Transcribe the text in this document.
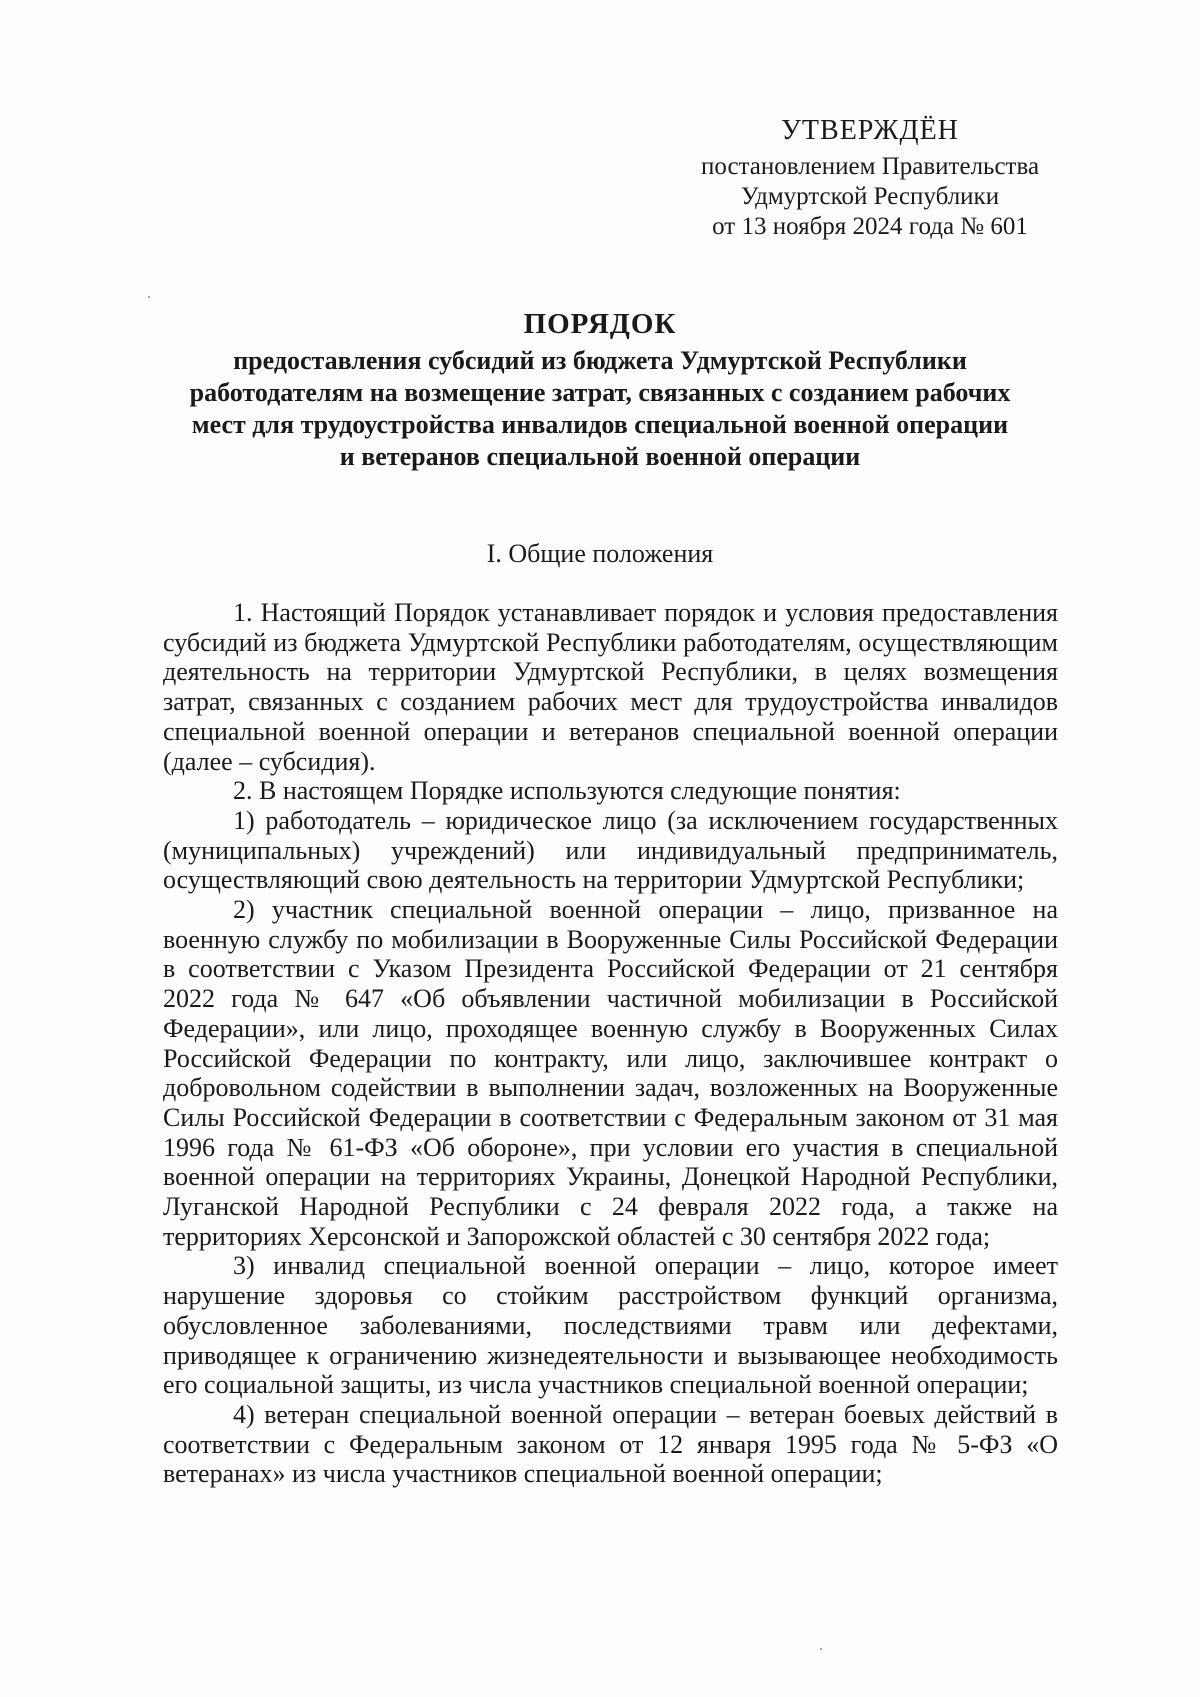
УТВЕРЖДЁН
постановлением Правительства
Удмуртской Республики
от 13 ноября 2024 года № 601
ПОРЯДОК
предоставления субсидий из бюджета Удмуртской Республики
работодателям на возмещение затрат, связанных с созданием рабочих
мест для трудоустройства инвалидов специальной военной операции
и ветеранов специальной военной операции
I. Общие положения

1. Настоящий Порядок устанавливает порядок и условия предоставления субсидий из бюджета Удмуртской Республики работодателям, осуществляющим деятельность на территории Удмуртской Республики, в целях возмещения затрат, связанных с созданием рабочих мест для трудоустройства инвалидов специальной военной операции и ветеранов специальной военной операции (далее – субсидия).

2. В настоящем Порядке используются следующие понятия:

1) работодатель – юридическое лицо (за исключением государственных (муниципальных) учреждений) или индивидуальный предприниматель, осуществляющий свою деятельность на территории Удмуртской Республики;

2) участник специальной военной операции – лицо, призванное на военную службу по мобилизации в Вооруженные Силы Российской Федерации в соответствии с Указом Президента Российской Федерации от 21 сентября 2022 года № 647 «Об объявлении частичной мобилизации в Российской Федерации», или лицо, проходящее военную службу в Вооруженных Силах Российской Федерации по контракту, или лицо, заключившее контракт о добровольном содействии в выполнении задач, возложенных на Вооруженные Силы Российской Федерации в соответствии с Федеральным законом от 31 мая 1996 года № 61-ФЗ «Об обороне», при условии его участия в специальной военной операции на территориях Украины, Донецкой Народной Республики, Луганской Народной Республики с 24 февраля 2022 года, а также на территориях Херсонской и Запорожской областей с 30 сентября 2022 года;

3) инвалид специальной военной операции – лицо, которое имеет нарушение здоровья со стойким расстройством функций организма, обусловленное заболеваниями, последствиями травм или дефектами, приводящее к ограничению жизнедеятельности и вызывающее необходимость его социальной защиты, из числа участников специальной военной операции;

4) ветеран специальной военной операции – ветеран боевых действий в соответствии с Федеральным законом от 12 января 1995 года № 5-ФЗ «О ветеранах» из числа участников специальной военной операции;
